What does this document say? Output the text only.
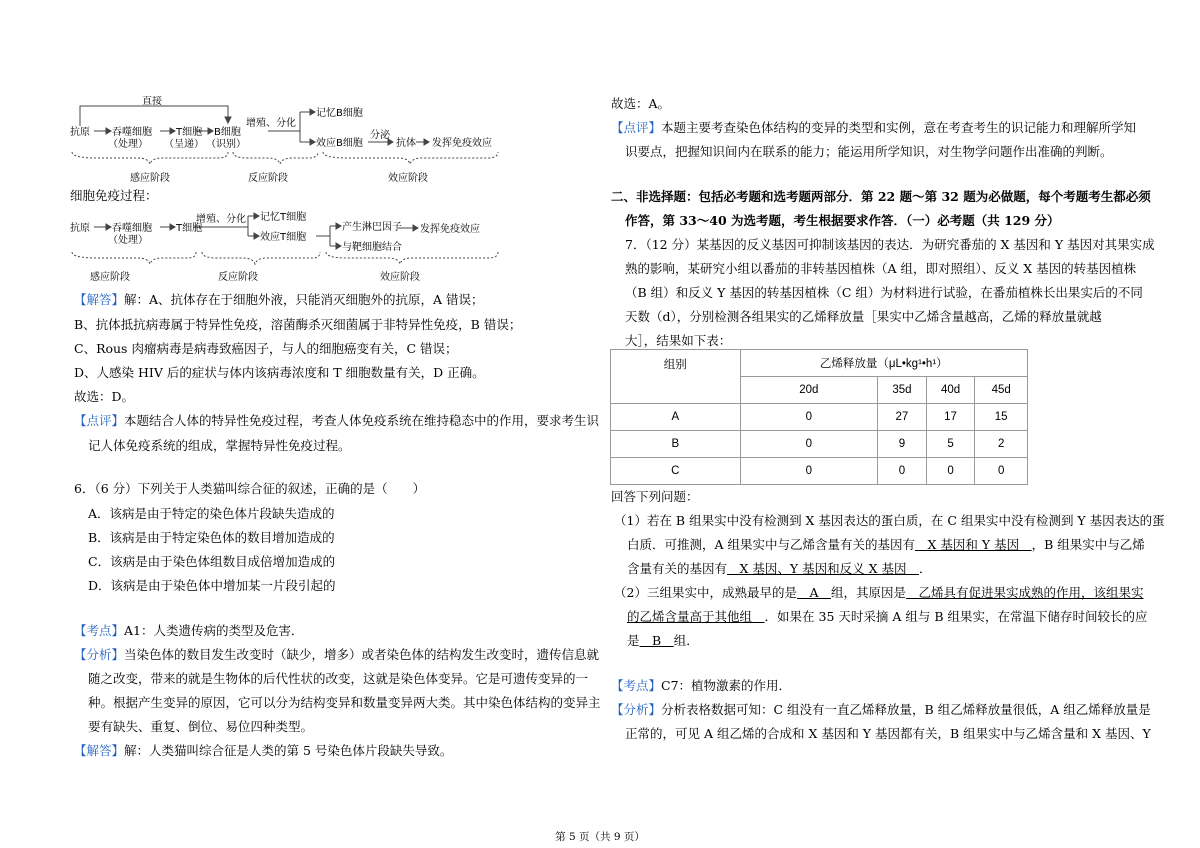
直接
抗原 吞噬细胞
（处理）
T细胞
（呈递）
B细胞
（识别）
增殖、分化
记忆B细胞
效应B细胞
分泌
抗体 发挥免疫效应
感应阶段	反应阶段	效应阶段
细胞免疫过程：
抗原 吞噬细胞
（处理）
T细胞
增殖、分化 记忆T细胞
效应T细胞
产生淋巴因子
与靶细胞结合
发挥免疫效应
感应阶段	反应阶段	效应阶段
【解答】解：A、抗体存在于细胞外液，只能消灭细胞外的抗原，A 错误；
B、抗体抵抗病毒属于特异性免疫，溶菌酶杀灭细菌属于非特异性免疫，B 错误；
C、Rous 肉瘤病毒是病毒致癌因子，与人的细胞癌变有关，C 错误；
D、人感染 HIV 后的症状与体内该病毒浓度和 T 细胞数量有关，D 正确。
故选：D。
【点评】本题结合人体的特异性免疫过程，考查人体免疫系统在维持稳态中的作用，要求考生识
记人体免疫系统的组成，掌握特异性免疫过程。
6．（6 分）下列关于人类猫叫综合征的叙述，正确的是（　　）
A．该病是由于特定的染色体片段缺失造成的
B．该病是由于特定染色体的数目增加造成的
C．该病是由于染色体组数目成倍增加造成的
D．该病是由于染色体中增加某一片段引起的
【考点】A1：人类遗传病的类型及危害．
【分析】当染色体的数目发生改变时（缺少，增多）或者染色体的结构发生改变时，遗传信息就
随之改变，带来的就是生物体的后代性状的改变，这就是染色体变异。它是可遗传变异的一
种。根据产生变异的原因，它可以分为结构变异和数量变异两大类。其中染色体结构的变异主
要有缺失、重复、倒位、易位四种类型。
【解答】解：人类猫叫综合征是人类的第 5 号染色体片段缺失导致。
故选：A。
【点评】本题主要考查染色体结构的变异的类型和实例，意在考查考生的识记能力和理解所学知
识要点，把握知识间内在联系的能力；能运用所学知识，对生物学问题作出准确的判断。
二、非选择题：包括必考题和选考题两部分．第 22 题～第 32 题为必做题，每个考题考生都必须
作答，第 33～40 为选考题，考生根据要求作答．（一）必考题（共 129 分）
7．（12 分）某基因的反义基因可抑制该基因的表达．为研究番茄的 X 基因和 Y 基因对其果实成
熟的影响，某研究小组以番茄的非转基因植株（A 组，即对照组）、反义 X 基因的转基因植株
（B 组）和反义 Y 基因的转基因植株（C 组）为材料进行试验，在番茄植株长出果实后的不同
天数（d），分别检测各组果实的乙烯释放量［果实中乙烯含量越高，乙烯的释放量就越
大］，结果如下表：
组别	乙烯释放量（μL•kg¹•h¹）			
	20d	35d	40d	45d
A	0	27	17	15
B	0	9	5	2
C	0	0	0	0
回答下列问题：
（1）若在 B 组果实中没有检测到 X 基因表达的蛋白质，在 C 组果实中没有检测到 Y 基因表达的蛋
白质．可推测，A 组果实中与乙烯含量有关的基因有　X 基因和 Y 基因　，B 组果实中与乙烯
含量有关的基因有　X 基因、Y 基因和反义 X 基因　．
（2）三组果实中，成熟最早的是　A　组，其原因是　乙烯具有促进果实成熟的作用，该组果实
的乙烯含量高于其他组　．如果在 35 天时采摘 A 组与 B 组果实，在常温下储存时间较长的应
是　B　组．
【考点】C7：植物激素的作用．
【分析】分析表格数据可知：C 组没有一直乙烯释放量，B 组乙烯释放量很低，A 组乙烯释放量是
正常的，可见 A 组乙烯的合成和 X 基因和 Y 基因都有关，B 组果实中与乙烯含量和 X 基因、Y
第 5 页（共 9 页）
